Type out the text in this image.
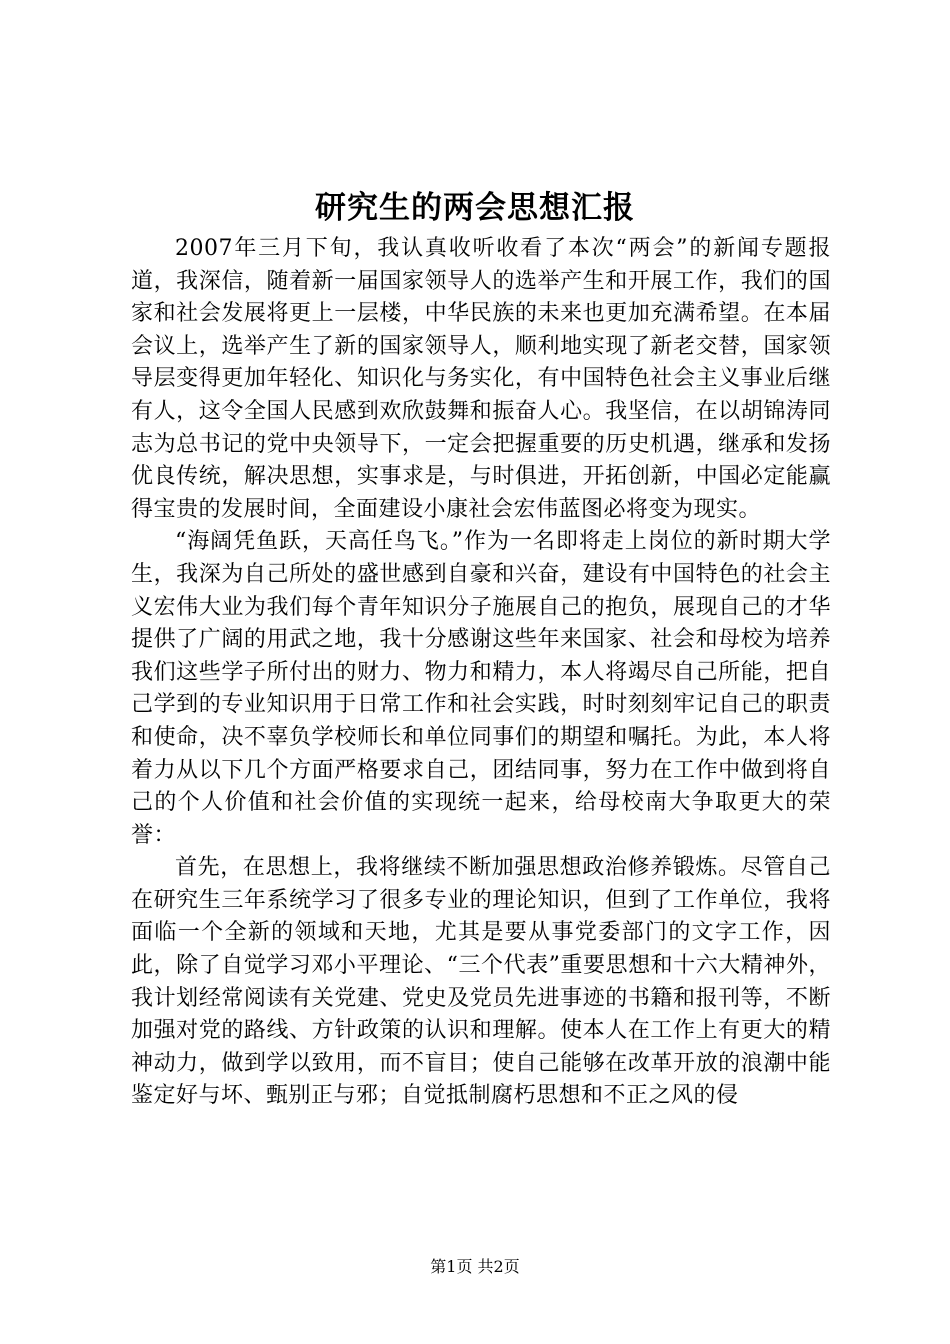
研究生的两会思想汇报

2007年三月下旬，我认真收听收看了本次“两会”的新闻专题报道，我深信，随着新一届国家领导人的选举产生和开展工作，我们的国家和社会发展将更上一层楼，中华民族的未来也更加充满希望。在本届会议上，选举产生了新的国家领导人，顺利地实现了新老交替，国家领导层变得更加年轻化、知识化与务实化，有中国特色社会主义事业后继有人，这令全国人民感到欢欣鼓舞和振奋人心。我坚信，在以胡锦涛同志为总书记的党中央领导下，一定会把握重要的历史机遇，继承和发扬优良传统，解决思想，实事求是，与时俱进，开拓创新，中国必定能赢得宝贵的发展时间，全面建设小康社会宏伟蓝图必将变为现实。

“海阔凭鱼跃，天高任鸟飞。”作为一名即将走上岗位的新时期大学生，我深为自己所处的盛世感到自豪和兴奋，建设有中国特色的社会主义宏伟大业为我们每个青年知识分子施展自己的抱负，展现自己的才华提供了广阔的用武之地，我十分感谢这些年来国家、社会和母校为培养我们这些学子所付出的财力、物力和精力，本人将竭尽自己所能，把自己学到的专业知识用于日常工作和社会实践，时时刻刻牢记自己的职责和使命，决不辜负学校师长和单位同事们的期望和嘱托。为此，本人将着力从以下几个方面严格要求自己，团结同事，努力在工作中做到将自己的个人价值和社会价值的实现统一起来，给母校南大争取更大的荣誉：

首先，在思想上，我将继续不断加强思想政治修养锻炼。尽管自己在研究生三年系统学习了很多专业的理论知识，但到了工作单位，我将面临一个全新的领域和天地，尤其是要从事党委部门的文字工作，因此，除了自觉学习邓小平理论、“三个代表”重要思想和十六大精神外，我计划经常阅读有关党建、党史及党员先进事迹的书籍和报刊等，不断加强对党的路线、方针政策的认识和理解。使本人在工作上有更大的精神动力，做到学以致用，而不盲目；使自己能够在改革开放的浪潮中能鉴定好与坏、甄别正与邪；自觉抵制腐朽思想和不正之风的侵

第1页 共2页
